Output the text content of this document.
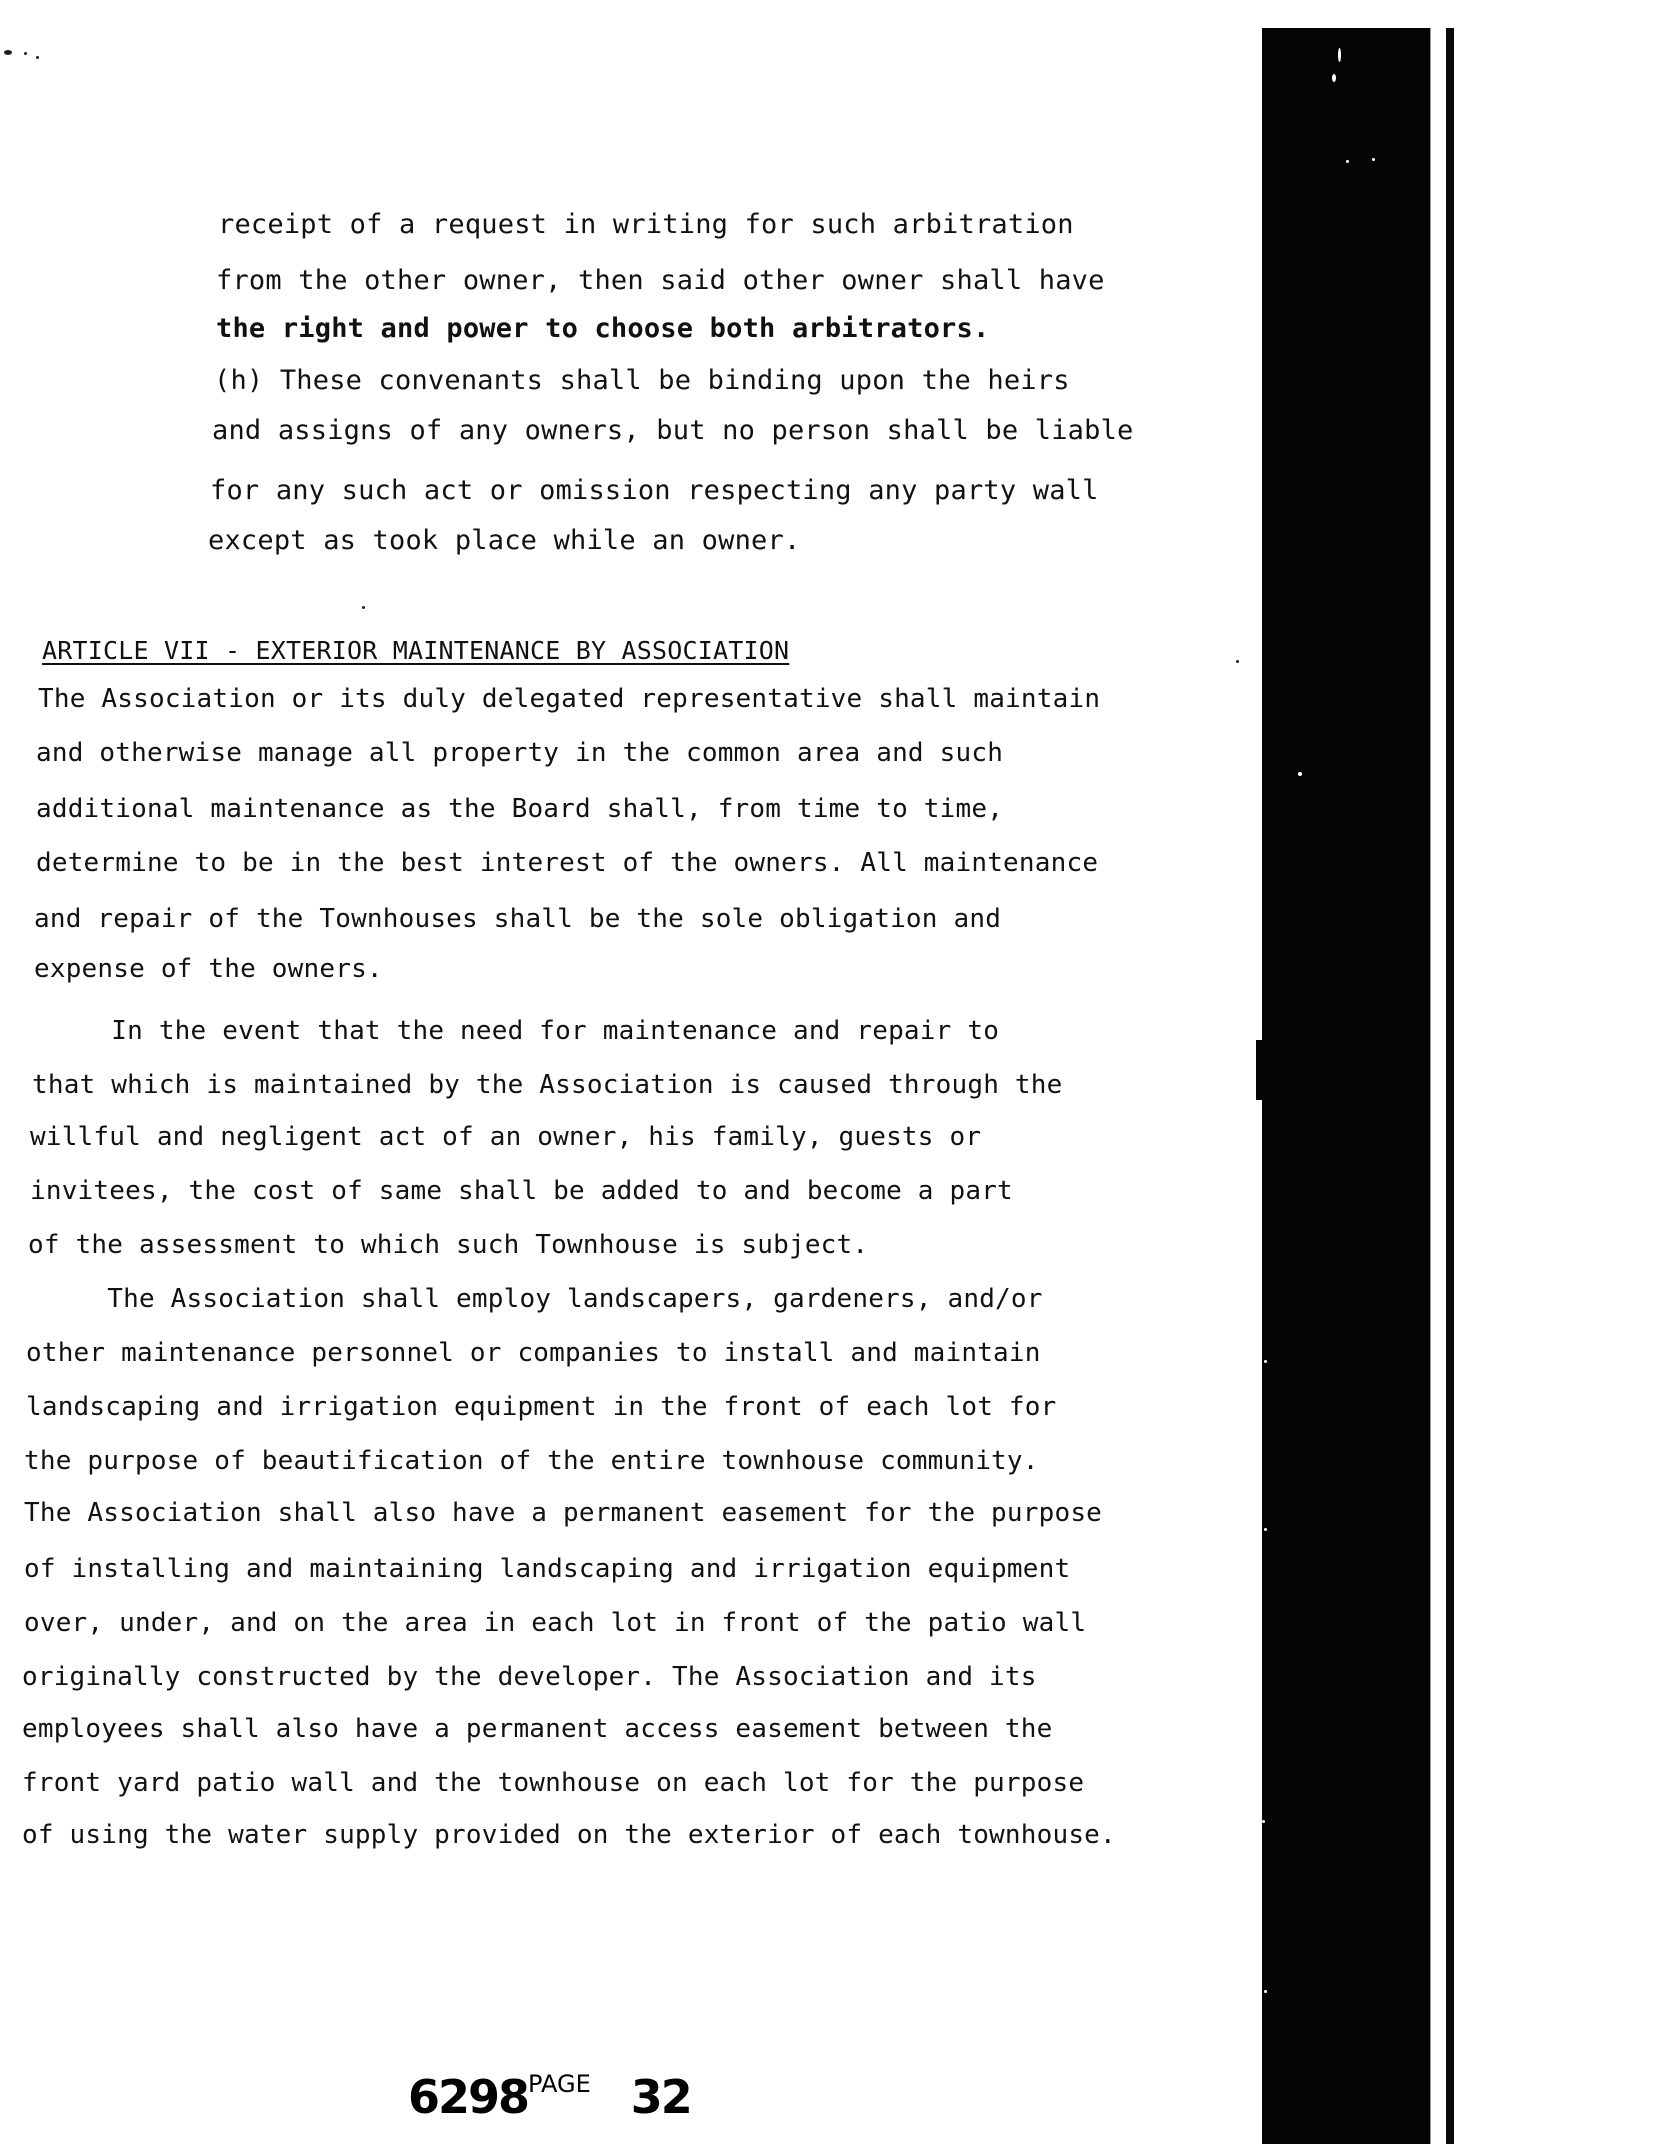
receipt of a request in writing for such arbitration
from the other owner, then said other owner shall have
the right and power to choose both arbitrators.
(h) These convenants shall be binding upon the heirs
and assigns of any owners, but no person shall be liable
for any such act or omission respecting any party wall
except as took place while an owner.
ARTICLE VII - EXTERIOR MAINTENANCE BY ASSOCIATION
The Association or its duly delegated representative shall maintain
and otherwise manage all property in the common area and such
additional maintenance as the Board shall, from time to time,
determine to be in the best interest of the owners. All maintenance
and repair of the Townhouses shall be the sole obligation and
expense of the owners.
In the event that the need for maintenance and repair to
that which is maintained by the Association is caused through the
willful and negligent act of an owner, his family, guests or
invitees, the cost of same shall be added to and become a part
of the assessment to which such Townhouse is subject.
The Association shall employ landscapers, gardeners, and/or
other maintenance personnel or companies to install and maintain
landscaping and irrigation equipment in the front of each lot for
the purpose of beautification of the entire townhouse community.
The Association shall also have a permanent easement for the purpose
of installing and maintaining landscaping and irrigation equipment
over, under, and on the area in each lot in front of the patio wall
originally constructed by the developer. The Association and its
employees shall also have a permanent access easement between the
front yard patio wall and the townhouse on each lot for the purpose
of using the water supply provided on the exterior of each townhouse.
6298$^{PAGE}$ 32
